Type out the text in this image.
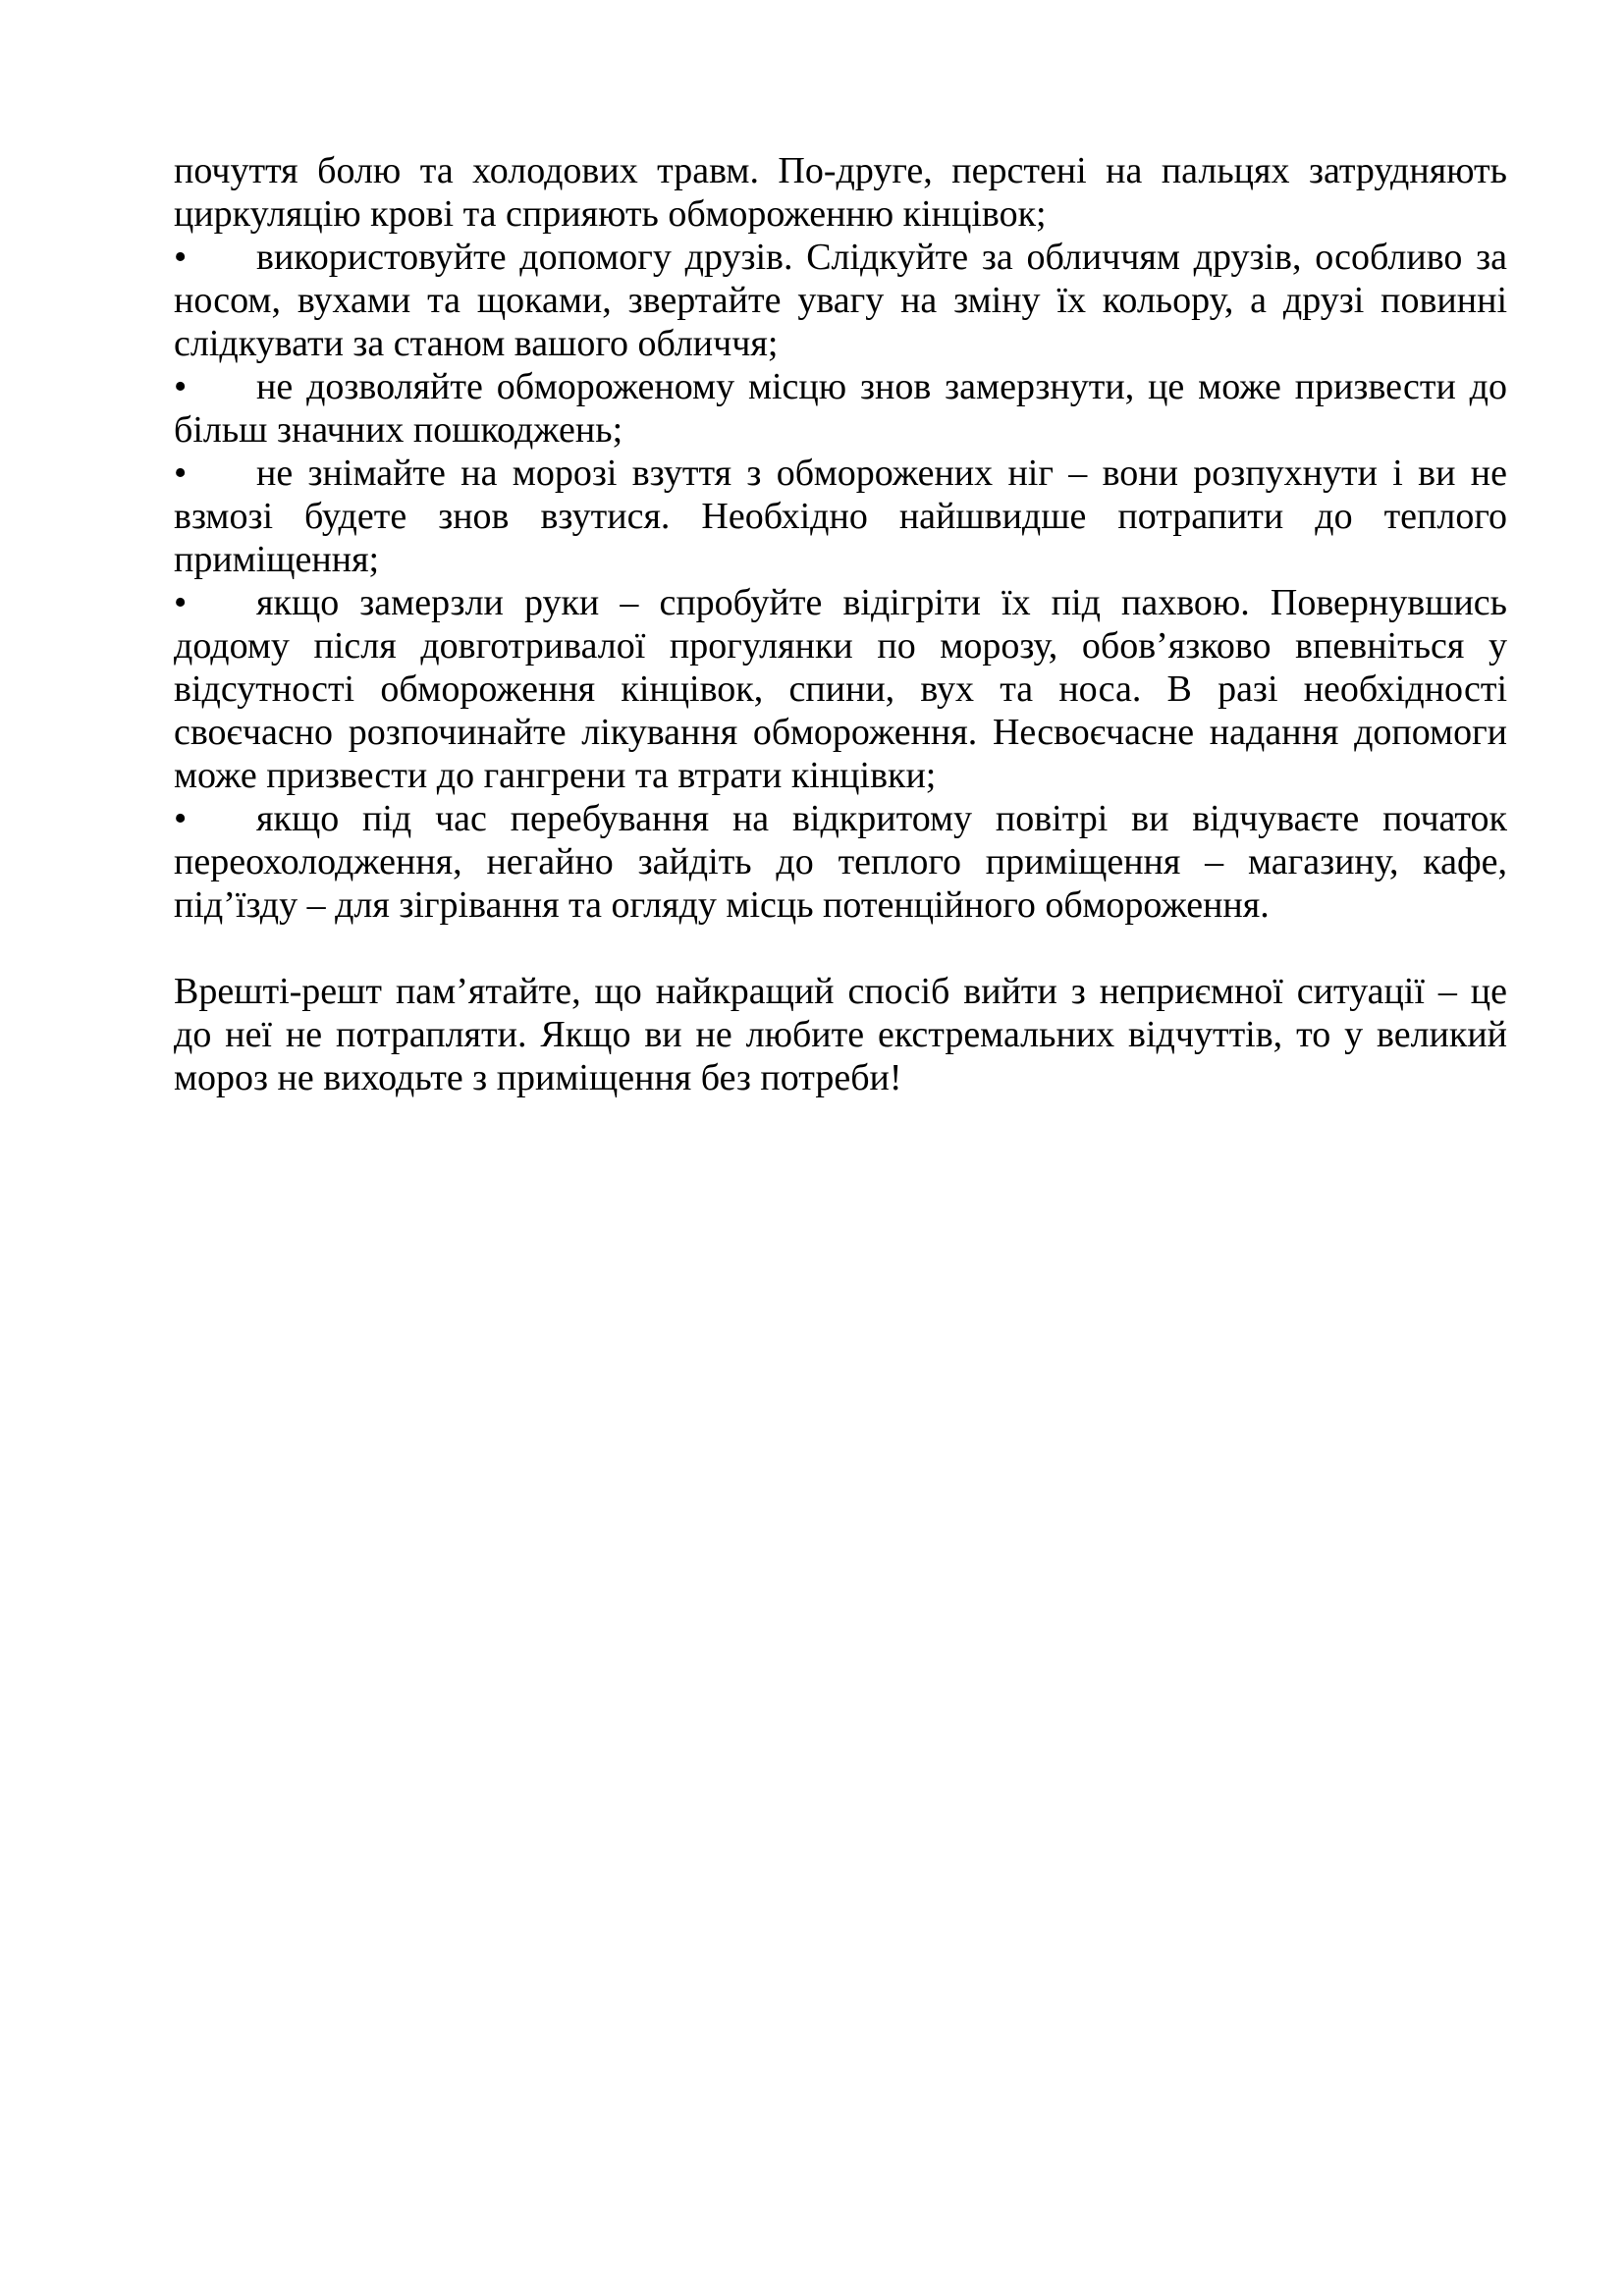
почуття болю та холодових травм. По-друге, перстені на пальцях затрудняють циркуляцію крові та сприяють обмороженню кінцівок;

• використовуйте допомогу друзів. Слідкуйте за обличчям друзів, особливо за носом, вухами та щоками, звертайте увагу на зміну їх кольору, а друзі повинні слідкувати за станом вашого обличчя;

• не дозволяйте обмороженому місцю знов замерзнути, це може призвести до більш значних пошкоджень;

• не знімайте на морозі взуття з обморожених ніг – вони розпухнути і ви не взмозі будете знов взутися. Необхідно найшвидше потрапити до теплого приміщення;

• якщо замерзли руки – спробуйте відігріти їх під пахвою. Повернувшись додому після довготривалої прогулянки по морозу, обов’язково впевніться у відсутності обмороження кінцівок, спини, вух та носа. В разі необхідності своєчасно розпочинайте лікування обмороження. Несвоєчасне надання допомоги може призвести до гангрени та втрати кінцівки;

• якщо під час перебування на відкритому повітрі ви відчуваєте початок переохолодження, негайно зайдіть до теплого приміщення – магазину, кафе, під’їзду – для зігрівання та огляду місць потенційного обмороження.

Врешті-решт пам’ятайте, що найкращий спосіб вийти з неприємної ситуації – це до неї не потрапляти. Якщо ви не любите екстремальних відчуттів, то у великий мороз не виходьте з приміщення без потреби!
